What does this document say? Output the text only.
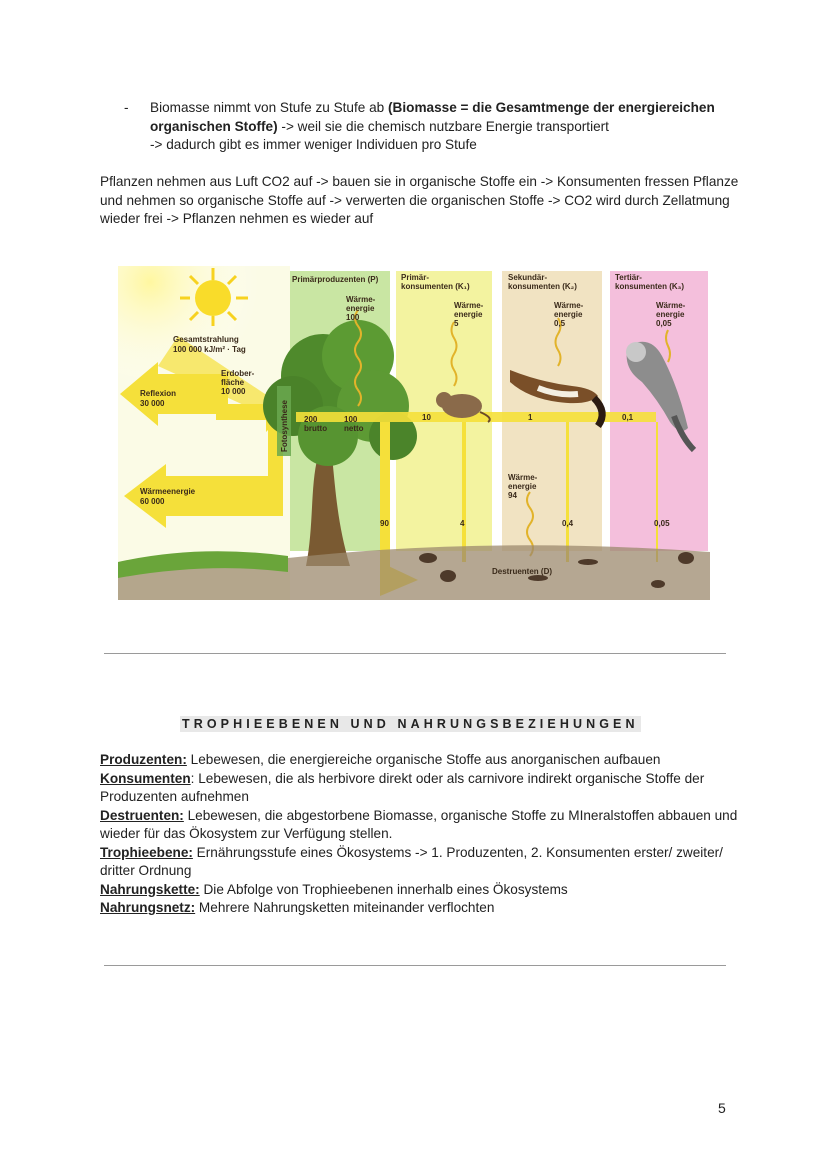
- Biomasse nimmt von Stufe zu Stufe ab (Biomasse = die Gesamtmenge der energiereichen organischen Stoffe) -> weil sie die chemisch nutzbare Energie transportiert
-> dadurch gibt es immer weniger Individuen pro Stufe

Pflanzen nehmen aus Luft CO2 auf -> bauen sie in organische Stoffe ein -> Konsumenten fressen Pflanze und nehmen so organische Stoffe auf -> verwerten die organischen Stoffe -> CO2 wird durch Zellatmung wieder frei -> Pflanzen nehmen es wieder auf

Fotosynthese
Primärproduzenten (P)	Primär-konsumenten (K₁)
Sekundär-konsumenten (K₂)
Tertiär-konsumenten (K₃)
Wärme-energie 100
Wärme-energie 5
Wärme-energie 0,5
Wärme-energie 0,05
Gesamtstrahlung 100 000 kJ/m² · Tag
Erdober-fläche 10 000
Reflexion 30 000
Wärmeenergie 60 000
200 brutto
100 netto
10	1	0,1
Wärme-energie 94
90	4	0,4	0,05
Destruenten (D)
TROPHIEEBENEN UND NAHRUNGSBEZIEHUNGEN
Produzenten: Lebewesen, die energiereiche organische Stoffe aus anorganischen aufbauen
Konsumenten: Lebewesen, die als herbivore direkt oder als carnivore indirekt organische Stoffe der Produzenten aufnehmen
Destruenten: Lebewesen, die abgestorbene Biomasse, organische Stoffe zu MIneralstoffen abbauen und wieder für das Ökosystem zur Verfügung stellen.
Trophieebene: Ernährungsstufe eines Ökosystems -> 1. Produzenten, 2. Konsumenten erster/ zweiter/ dritter Ordnung
Nahrungskette: Die Abfolge von Trophieebenen innerhalb eines Ökosystems
Nahrungsnetz: Mehrere Nahrungsketten miteinander verflochten
5
